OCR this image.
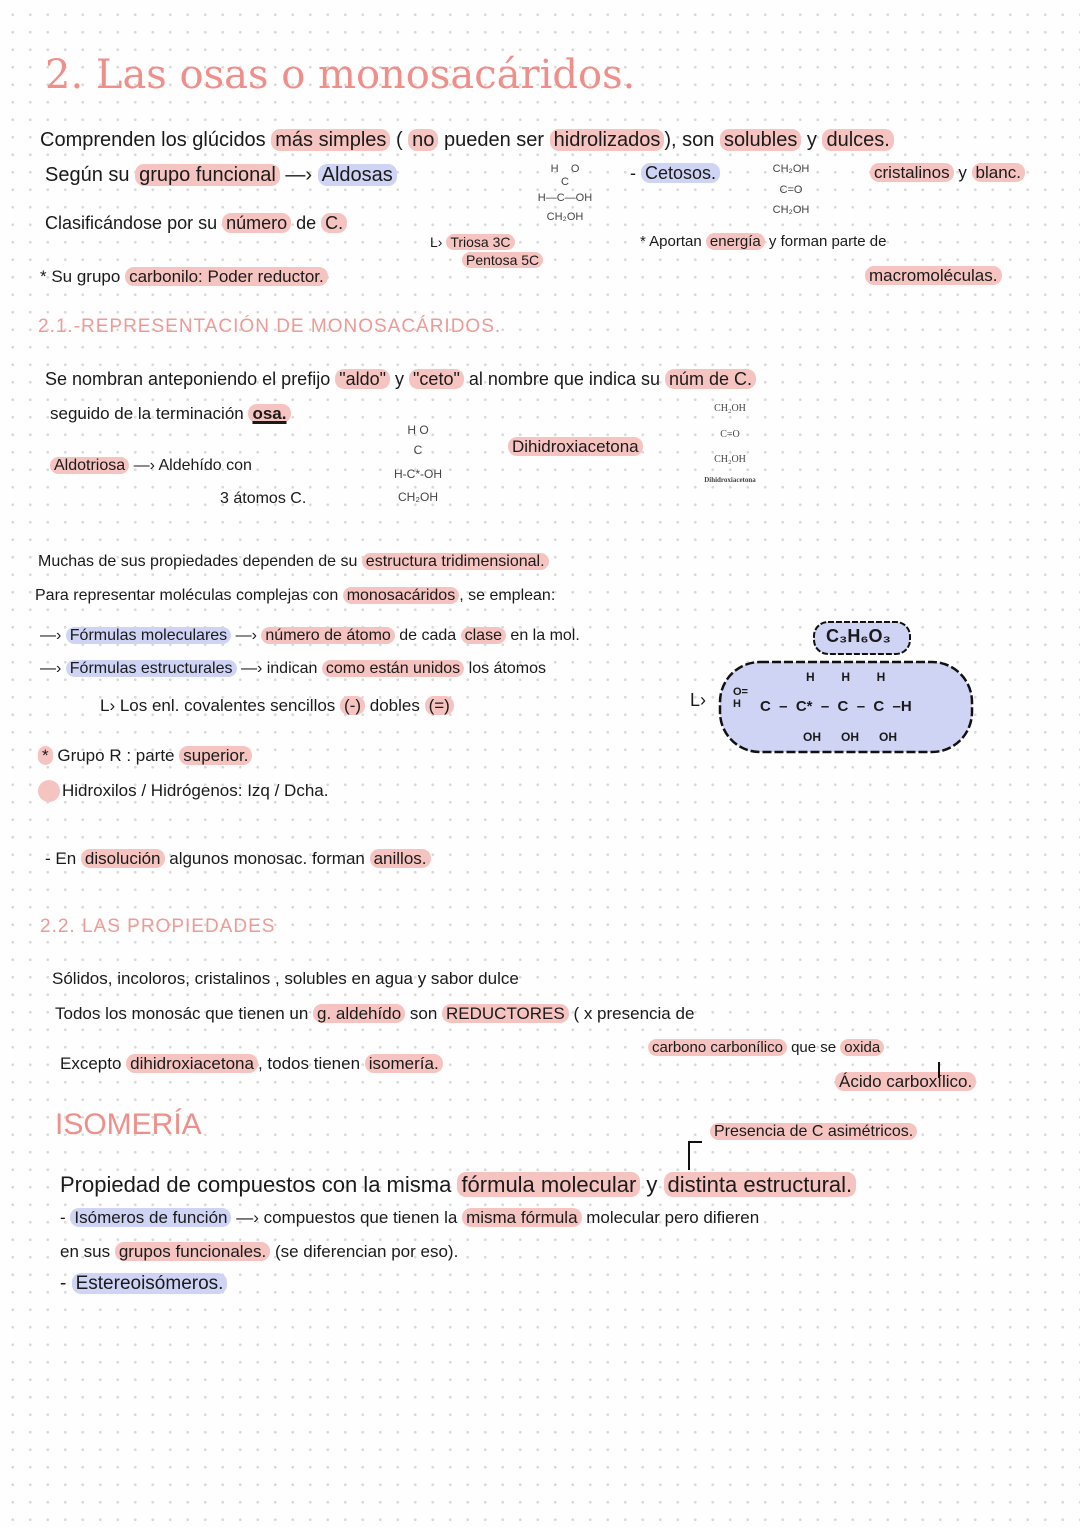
2. Las osas o monosacáridos.
2.1.-REPRESENTACIÓN DE MONOSACÁRIDOS.
2.2. LAS PROPIEDADES
ISOMERÍA
Comprenden los glúcidos más simples ( no pueden ser hidrolizados ), son solubles y dulces.
Según su grupo funcional —› Aldosas	- Cetosos.	cristalinos y blanc.
Clasificándose por su número de C.
L› Triosa 3C
Pentosa 5C
* Aportan energía y forman parte de
macromoléculas.
* Su grupo carbonilo: Poder reductor.
Se nombran anteponiendo el prefijo "aldo" y "ceto" al nombre que indica su núm de C.
seguido de la terminación osa.
Aldotriosa —› Aldehído con
3 átomos C.
Dihidroxiacetona
Muchas de sus propiedades dependen de su estructura tridimensional.
Para representar moléculas complejas con monosacáridos , se emplean:
—› Fórmulas moleculares —› número de átomo de cada clase en la mol.
—› Fórmulas estructurales —› indican como están unidos los átomos
L› Los enl. covalentes sencillos (-) dobles (=)
* Grupo R : parte superior.
Hidroxilos / Hidrógenos: Izq / Dcha.
- En disolución algunos monosac. forman anillos.
Sólidos, incoloros, cristalinos , solubles en agua y sabor dulce
Todos los monosác que tienen un g. aldehído son REDUCTORES ( x presencia de
carbono carbonílico que se oxida
Ácido carboxílico.
Excepto dihidroxiacetona , todos tienen isomería.
Presencia de C asimétricos.
Propiedad de compuestos con la misma fórmula molecular y distinta estructural.
- Isómeros de función —› compuestos que tienen la misma fórmula molecular pero difieren
en sus grupos funcionales. (se diferencian por eso).
- Estereoisómeros.
H O
C
H—C—OH
CH₂OH
CH₂OH
C=O
CH₂OH
H O
C
H-C*-OH
CH₂OH
CH₂OH
C=O
CH₂OH
Dihidroxiacetona
C₃H₆O₃
L› O=
H
H        H        H
C  –  C*  –  C  –  C  –H
OH      OH      OH
